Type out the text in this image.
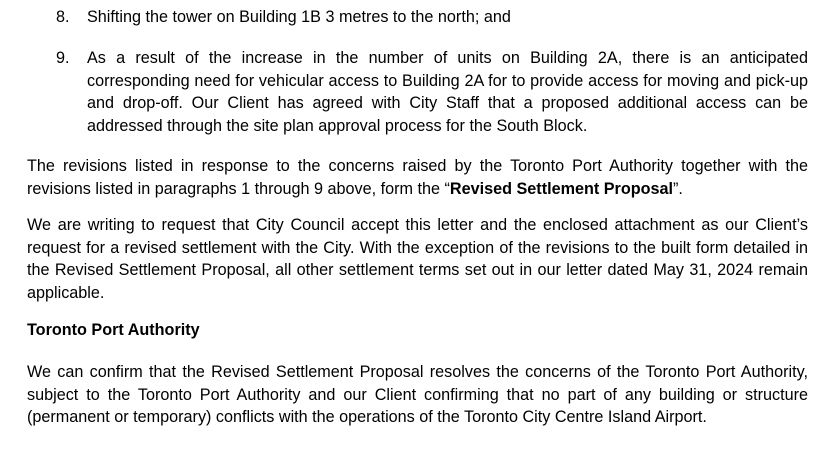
8.	Shifting the tower on Building 1B 3 metres to the north; and
9.	As a result of the increase in the number of units on Building 2A, there is an anticipated corresponding need for vehicular access to Building 2A for to provide access for moving and pick-up and drop-off. Our Client has agreed with City Staff that a proposed additional access can be addressed through the site plan approval process for the South Block.
The revisions listed in response to the concerns raised by the Toronto Port Authority together with the revisions listed in paragraphs 1 through 9 above, form the “Revised Settlement Proposal”.
We are writing to request that City Council accept this letter and the enclosed attachment as our Client’s request for a revised settlement with the City. With the exception of the revisions to the built form detailed in the Revised Settlement Proposal, all other settlement terms set out in our letter dated May 31, 2024 remain applicable.
Toronto Port Authority
We can confirm that the Revised Settlement Proposal resolves the concerns of the Toronto Port Authority, subject to the Toronto Port Authority and our Client confirming that no part of any building or structure (permanent or temporary) conflicts with the operations of the Toronto City Centre Island Airport.
